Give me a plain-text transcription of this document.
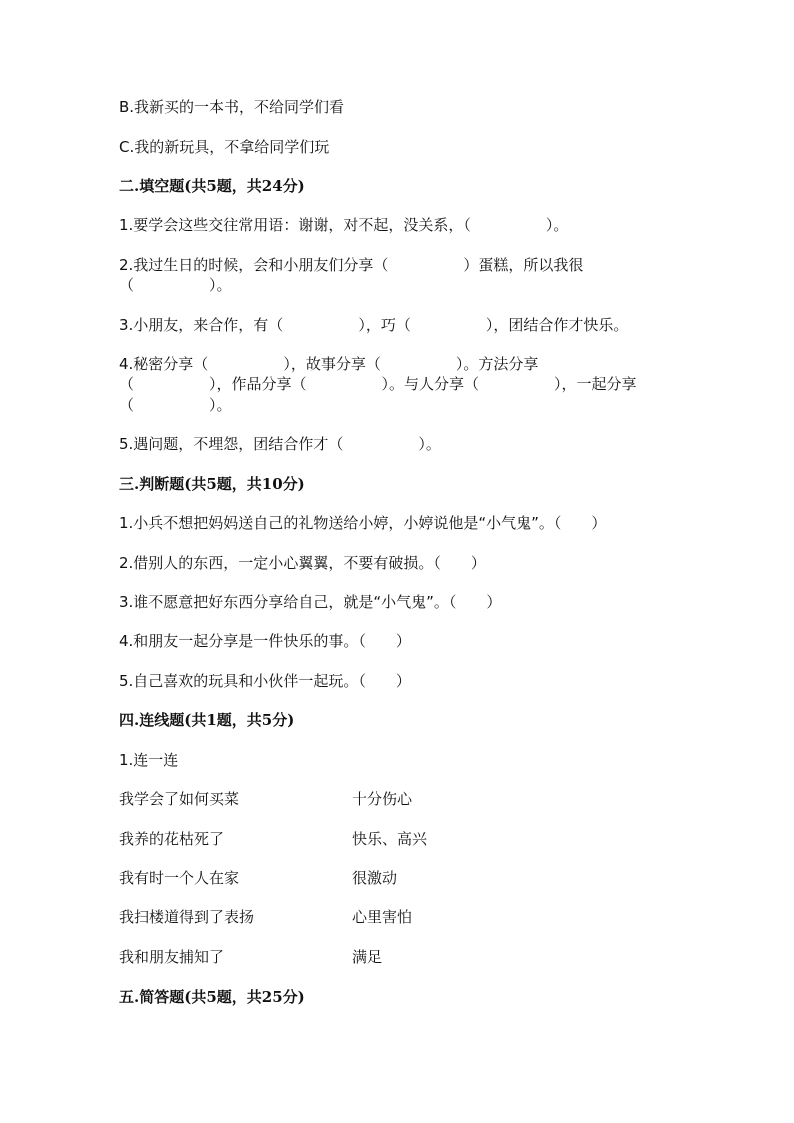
B.我新买的一本书，不给同学们看
C.我的新玩具，不拿给同学们玩
二.填空题(共5题，共24分)
1.要学会这些交往常用语：谢谢，对不起，没关系，（　　　　　）。
2.我过生日的时候，会和小朋友们分享（　　　　　）蛋糕，所以我很
（　　　　　）。
3.小朋友，来合作，有（　　　　　），巧（　　　　　），团结合作才快乐。
4.秘密分享（　　　　　），故事分享（　　　　　）。方法分享
（　　　　　），作品分享（　　　　　）。与人分享（　　　　　），一起分享
（　　　　　）。
5.遇问题，不埋怨，团结合作才（　　　　　）。
三.判断题(共5题，共10分)
1.小兵不想把妈妈送自己的礼物送给小婷，小婷说他是“小气鬼”。（　　）
2.借别人的东西，一定小心翼翼，不要有破损。（　　）
3.谁不愿意把好东西分享给自己，就是“小气鬼”。（　　）
4.和朋友一起分享是一件快乐的事。（　　）
5.自己喜欢的玩具和小伙伴一起玩。（　　）
四.连线题(共1题，共5分)
1.连一连
我学会了如何买菜	十分伤心
我养的花枯死了	快乐、高兴
我有时一个人在家	很激动
我扫楼道得到了表扬	心里害怕
我和朋友捕知了	满足
五.简答题(共5题，共25分)
